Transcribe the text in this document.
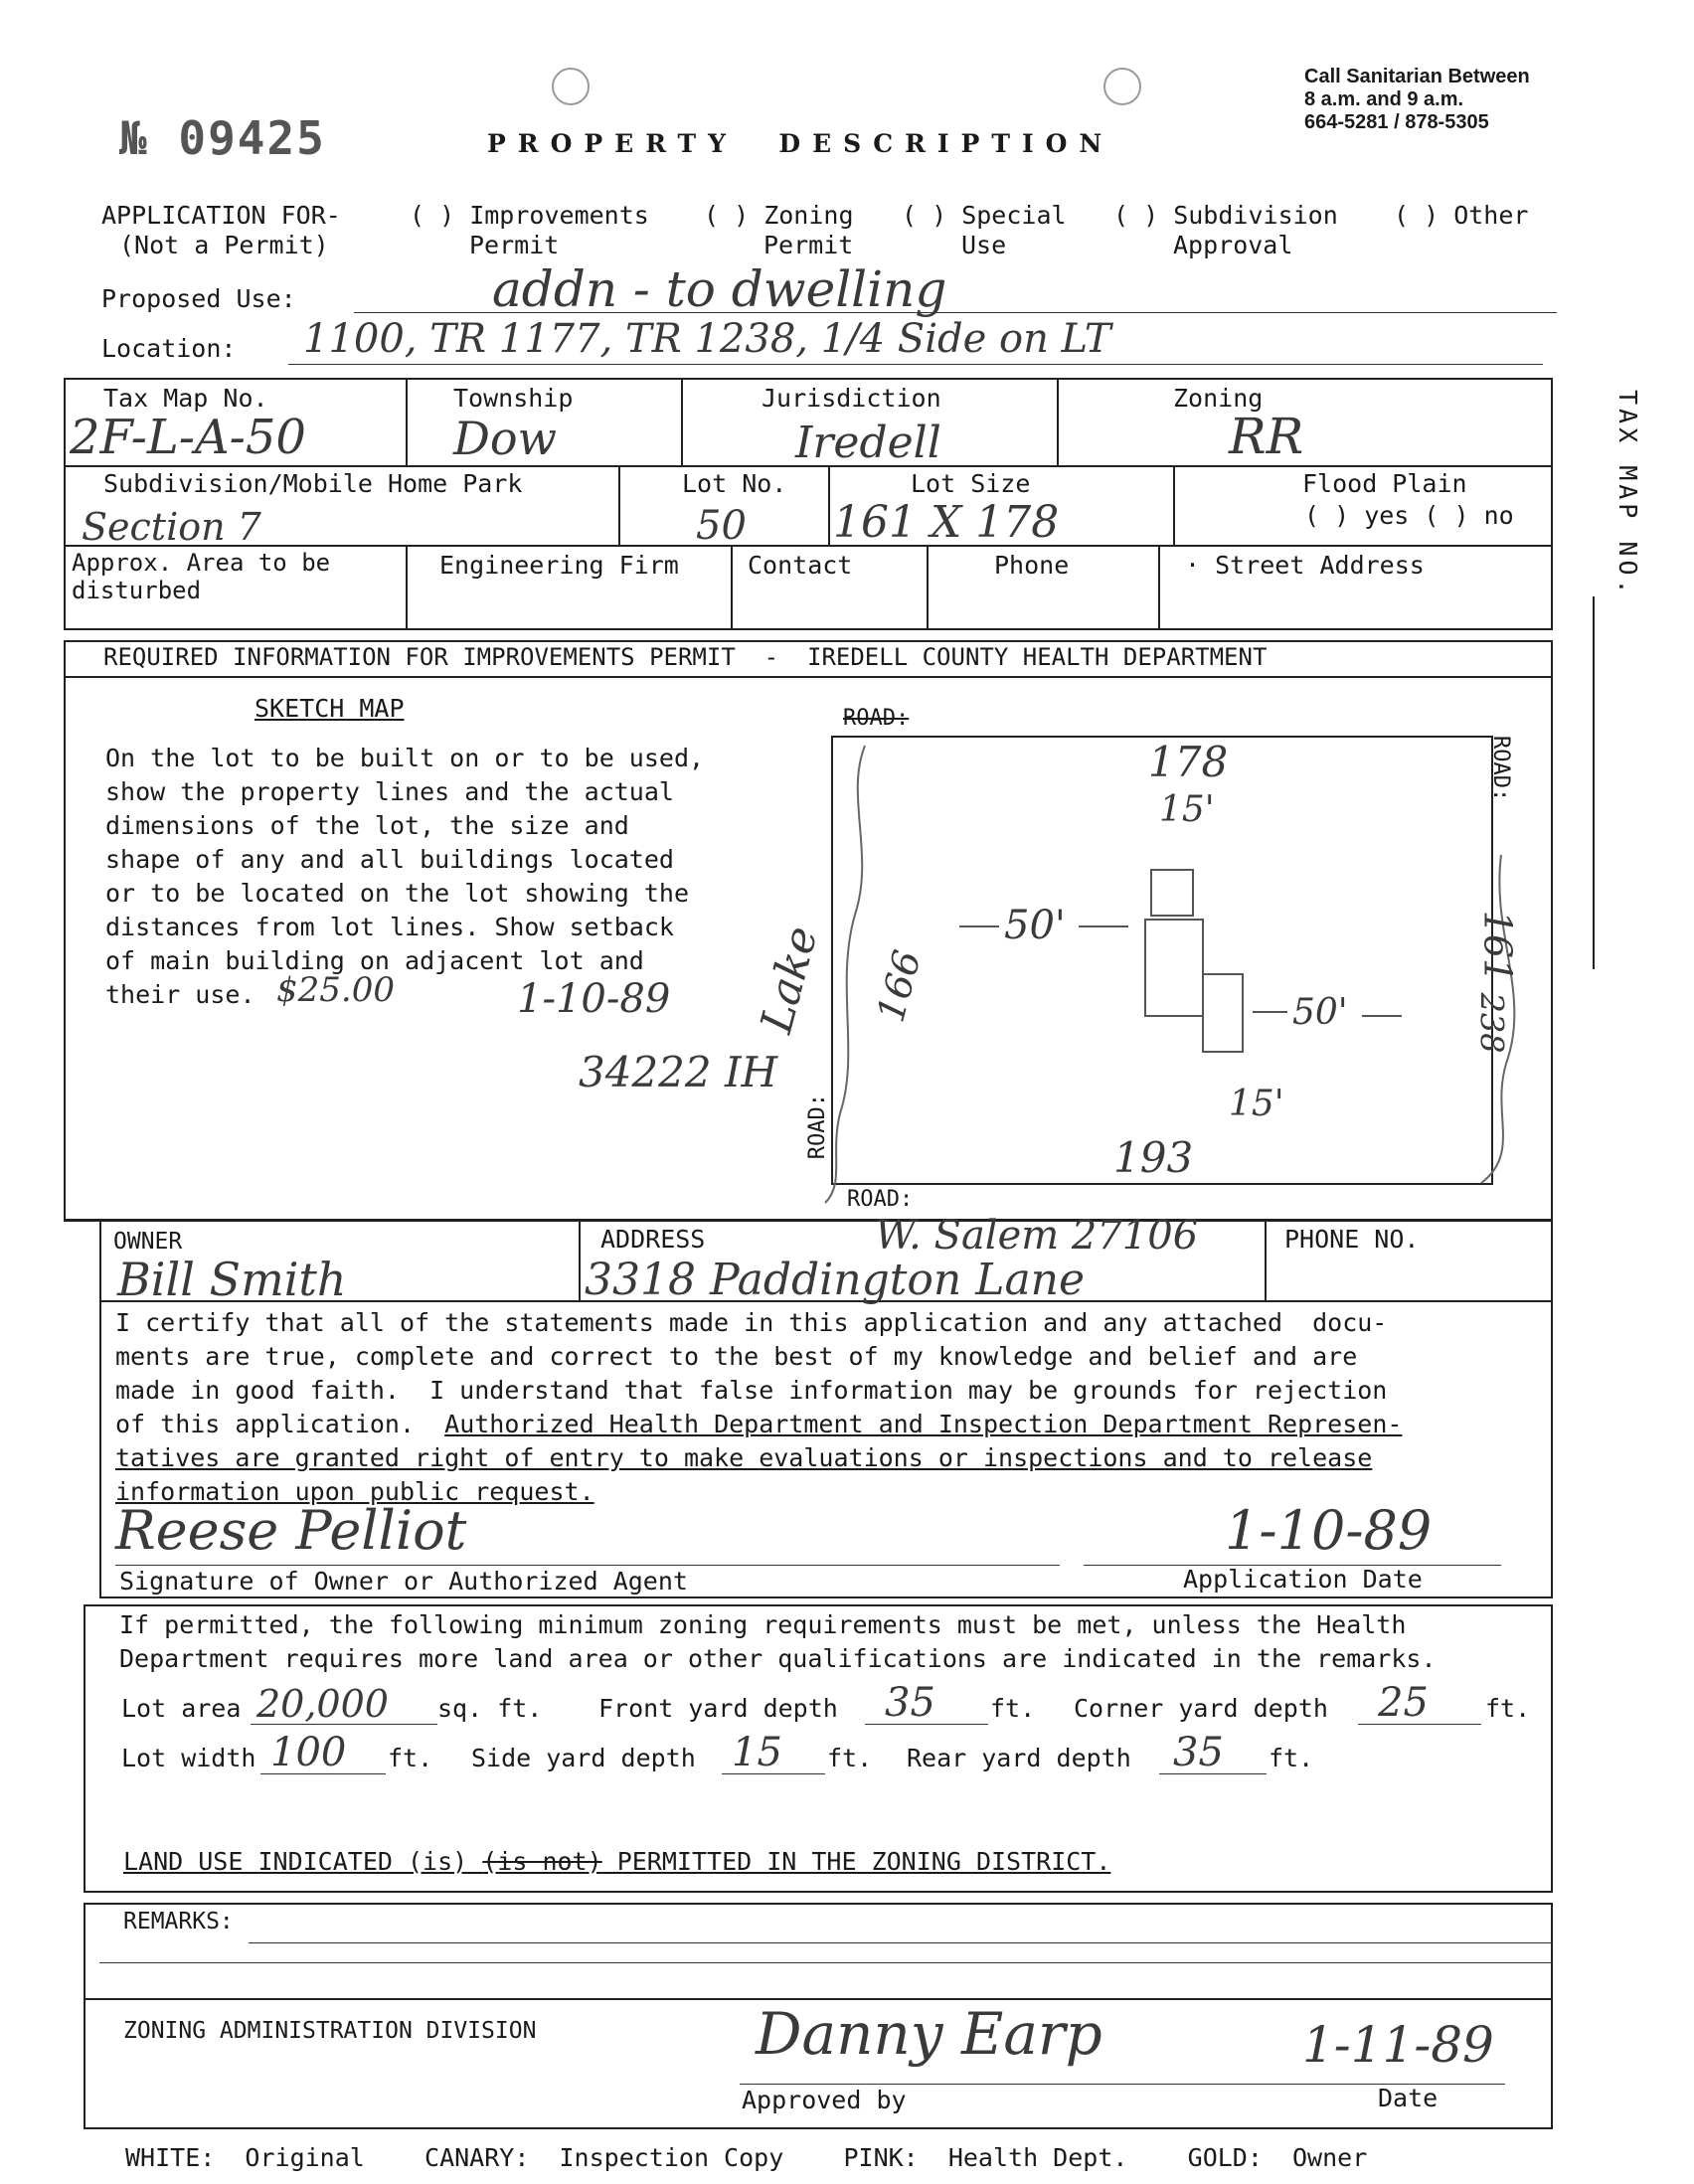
№ 09425	PROPERTY  DESCRIPTION
Call Sanitarian Between
8 a.m. and 9 a.m.
664-5281 / 878-5305
APPLICATION FOR-
(Not a Permit)
( ) Improvements
Permit
( ) Zoning
Permit
( ) Special
Use
( ) Subdivision
Approval
( ) Other
Proposed Use:	addn - to dwelling
Location: 1100, TR 1177, TR 1238, 1/4 Side on LT
Tax Map No.
2F-L-A-50
Township
Dow
Jurisdiction
Iredell
Zoning
RR
Subdivision/Mobile Home Park
Section 7
Lot No.
50
Lot Size
161 X 178
Flood Plain
( ) yes ( ) no
Approx. Area to be
disturbed
Engineering Firm	Contact	Phone	· Street Address	TAX MAP NO.
REQUIRED INFORMATION FOR IMPROVEMENTS PERMIT  -  IREDELL COUNTY HEALTH DEPARTMENT
SKETCH MAP
On the lot to be built on or to be used,
show the property lines and the actual
dimensions of the lot, the size and
shape of any and all buildings located
or to be located on the lot showing the
distances from lot lines. Show setback
of main building on adjacent lot and
their use. $25.00	1-10-89
34222 IH
ROAD:
ROAD:
ROAD:
ROAD:
178
15'
50'
50'
15'
193
166	161
238
Lake
OWNER
Bill Smith
ADDRESS	W. Salem 27106
3318 Paddington Lane
PHONE NO.
I certify that all of the statements made in this application and any attached  docu-
ments are true, complete and correct to the best of my knowledge and belief and are
made in good faith.  I understand that false information may be grounds for rejection
of this application.  Authorized Health Department and Inspection Department Represen-
tatives are granted right of entry to make evaluations or inspections and to release
information upon public request.
Reese Pelliot	1-10-89
Signature of Owner or Authorized Agent	Application Date
If permitted, the following minimum zoning requirements must be met, unless the Health
Department requires more land area or other qualifications are indicated in the remarks.
Lot area 20,000 sq. ft. Front yard depth 35 ft. Corner yard depth 25 ft.
Lot width 100 ft. Side yard depth 15 ft. Rear yard depth 35 ft.
LAND USE INDICATED (is) (is not) PERMITTED IN THE ZONING DISTRICT.
REMARKS:
ZONING ADMINISTRATION DIVISION	Danny Earp	1-11-89
Approved by	Date
WHITE:  Original    CANARY:  Inspection Copy    PINK:  Health Dept.    GOLD:  Owner
